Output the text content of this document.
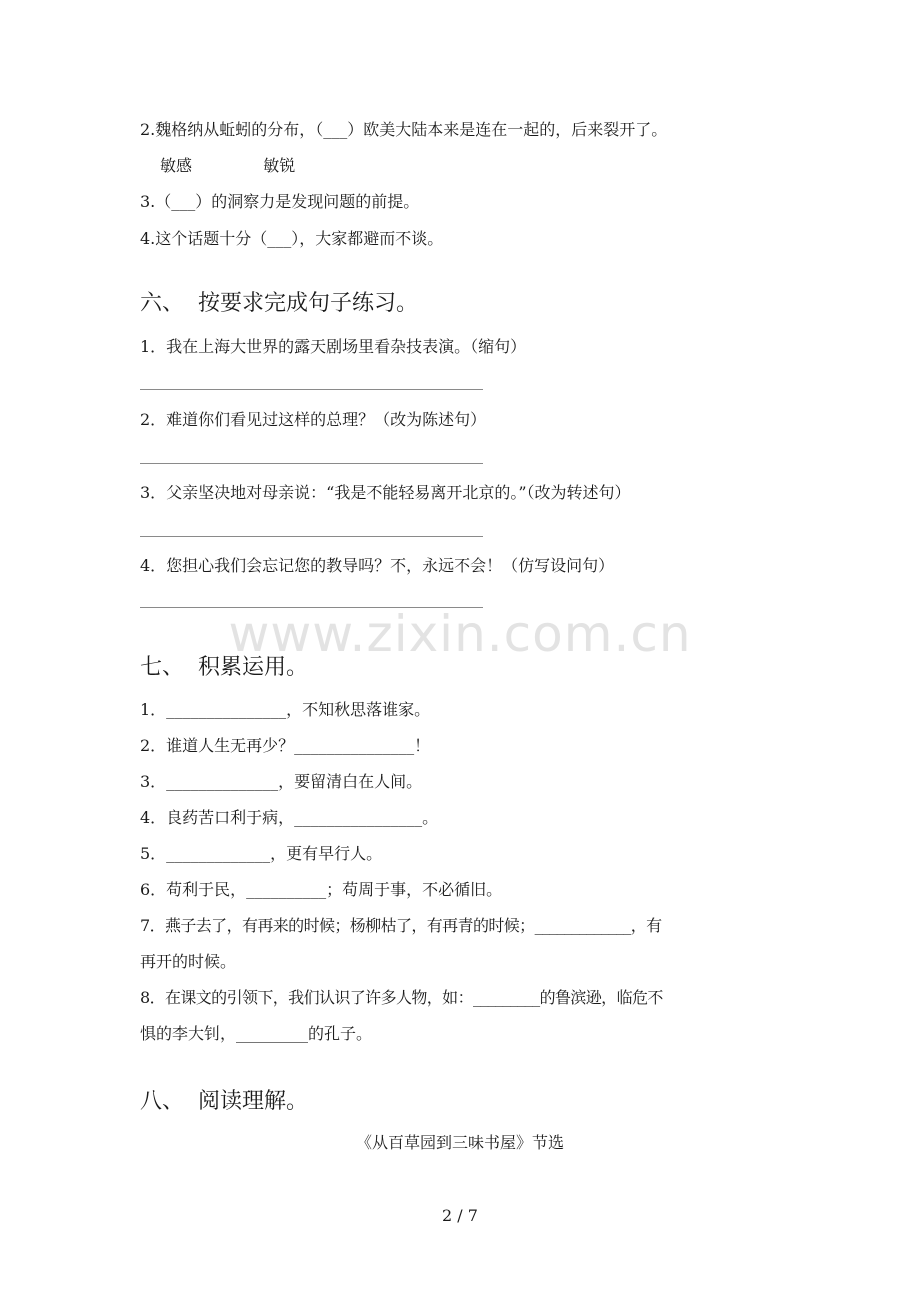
2.魏格纳从蚯蚓的分布，（___）欧美大陆本来是连在一起的，后来裂开了。
敏感              敏锐
3.（___）的洞察力是发现问题的前提。
4.这个话题十分（___），大家都避而不谈。
六、  按要求完成句子练习。
1．我在上海大世界的露天剧场里看杂技表演。（缩句）
2．难道你们看见过这样的总理？（改为陈述句）
3．父亲坚决地对母亲说：“我是不能轻易离开北京的。”（改为转述句）
4．您担心我们会忘记您的教导吗？不，永远不会！（仿写设问句）
www.zixin.com.cn
七、  积累运用。
1．_______________，不知秋思落谁家。
2．谁道人生无再少？_______________！
3．______________，要留清白在人间。
4．良药苦口利于病，________________。
5．_____________，更有早行人。
6．苟利于民，__________；苟周于事，不必循旧。
7．燕子去了，有再来的时候；杨柳枯了，有再青的时候；_____________，有
再开的时候。
8．在课文的引领下，我们认识了许多人物，如：_________的鲁滨逊，临危不
惧的李大钊，_________的孔子。
八、  阅读理解。
《从百草园到三味书屋》节选
2 / 7
